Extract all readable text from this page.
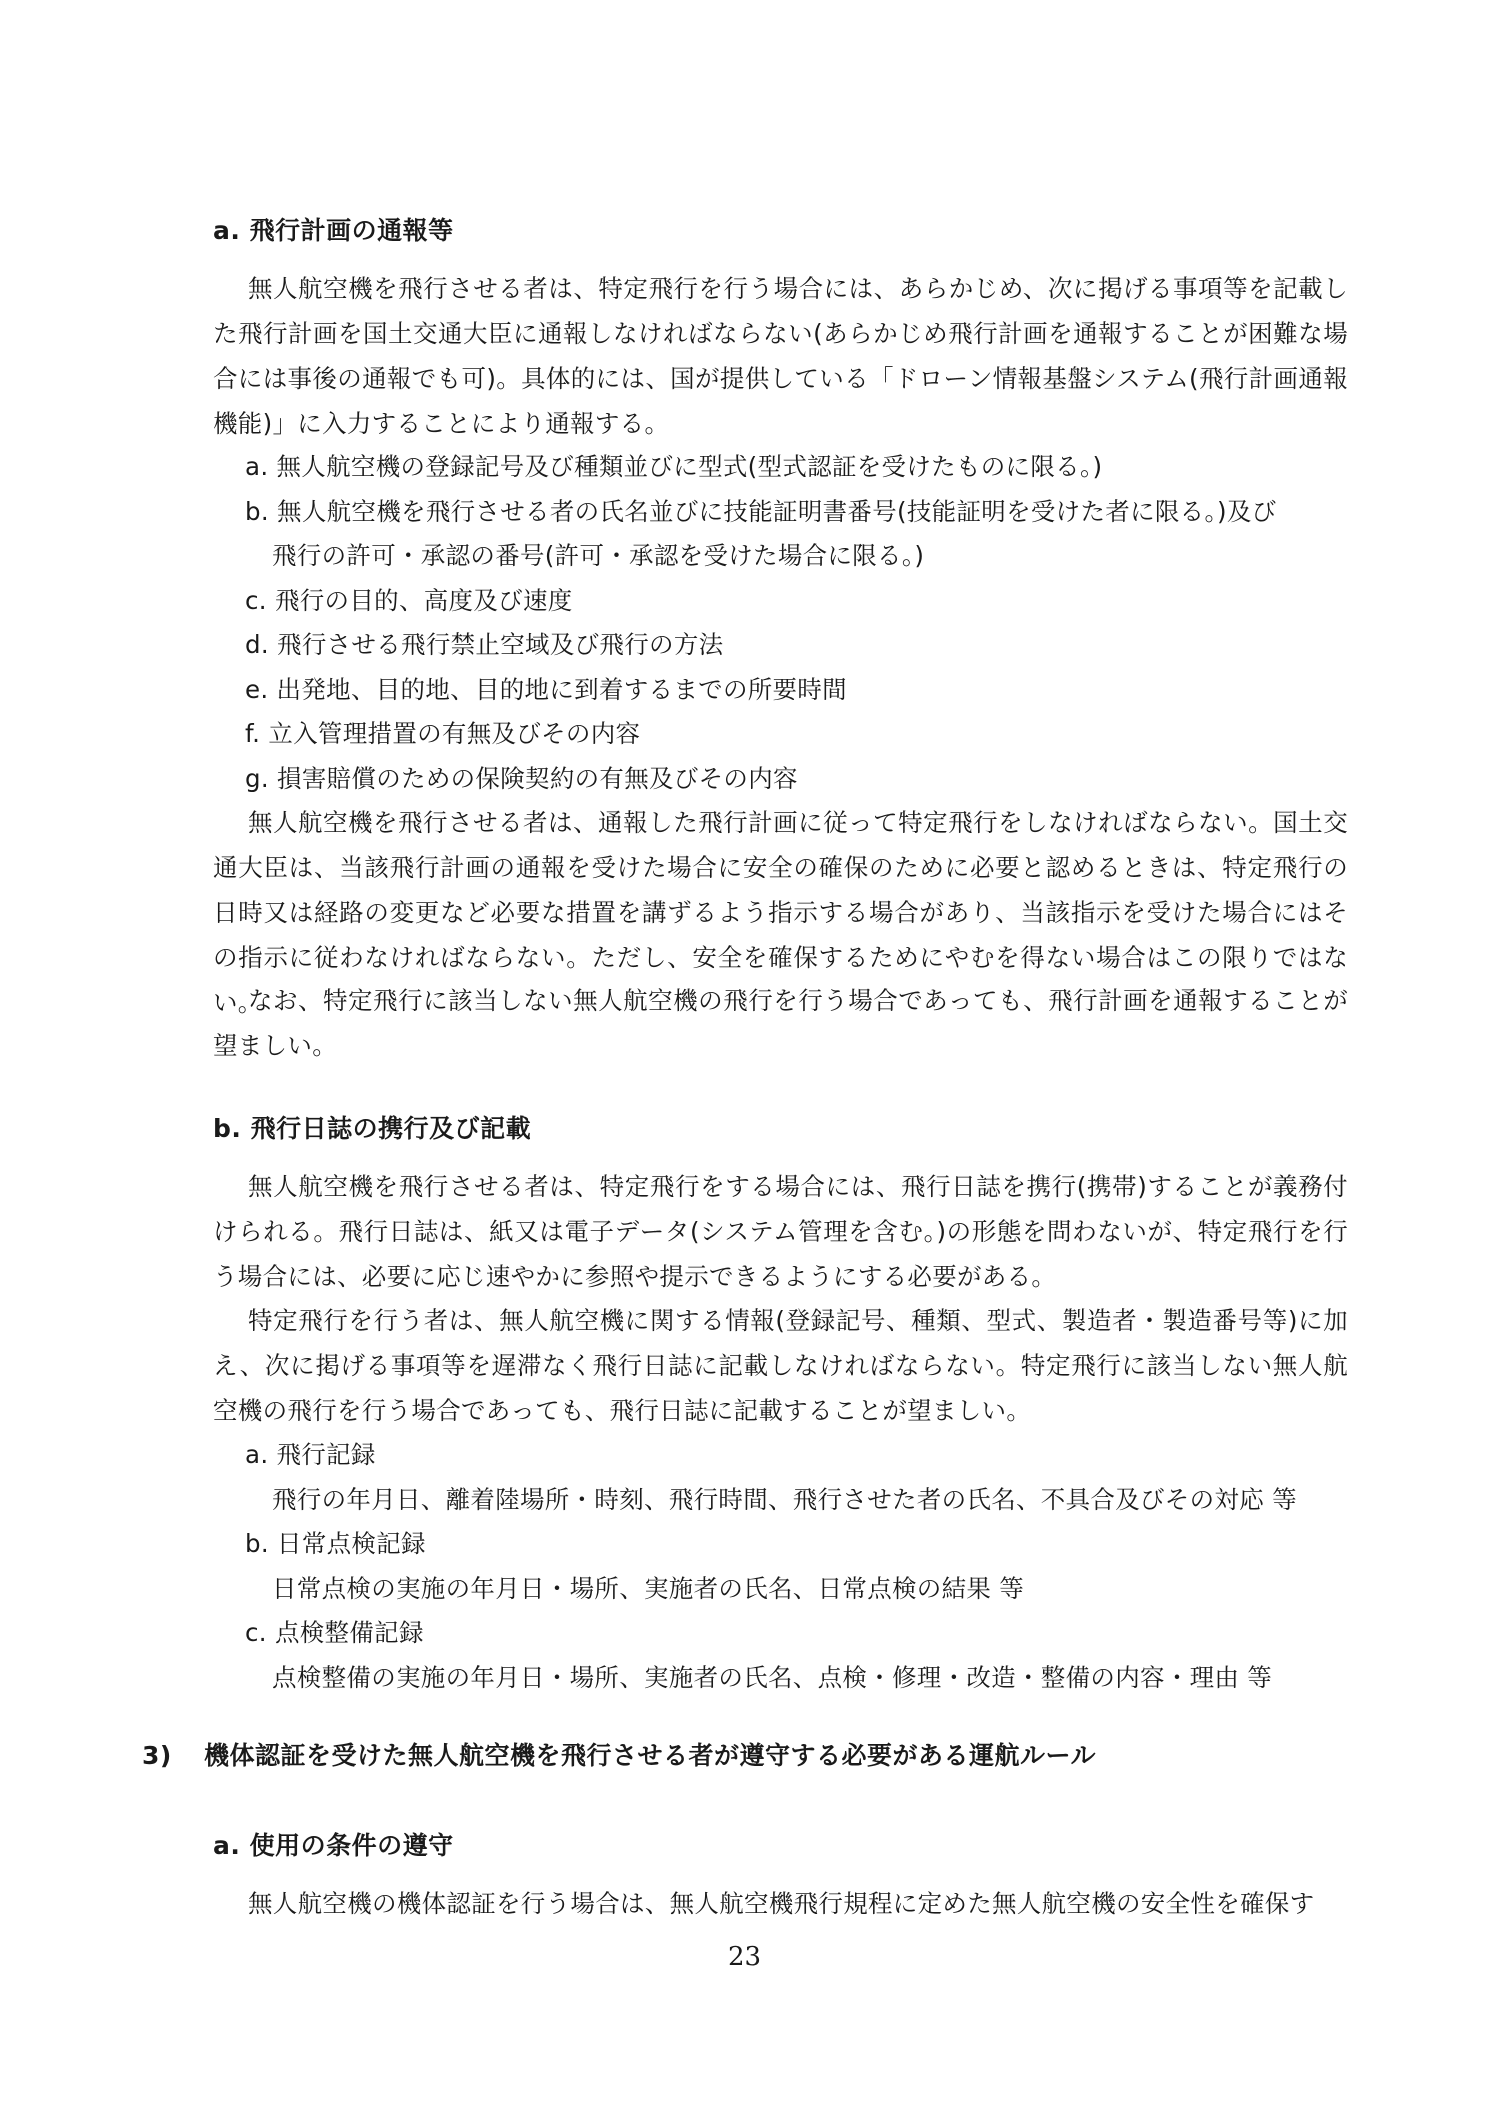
a. 飛行計画の通報等
無人航空機を飛行させる者は、特定飛行を行う場合には、あらかじめ、次に掲げる事項等を記載した飛行計画を国土交通大臣に通報しなければならない(あらかじめ飛行計画を通報することが困難な場合には事後の通報でも可)。具体的には、国が提供している「ドローン情報基盤システム(飛行計画通報機能)」に入力することにより通報する。
a. 無人航空機の登録記号及び種類並びに型式(型式認証を受けたものに限る。)
b. 無人航空機を飛行させる者の氏名並びに技能証明書番号(技能証明を受けた者に限る。)及び
飛行の許可・承認の番号(許可・承認を受けた場合に限る。)
c. 飛行の目的、高度及び速度
d. 飛行させる飛行禁止空域及び飛行の方法
e. 出発地、目的地、目的地に到着するまでの所要時間
f. 立入管理措置の有無及びその内容
g. 損害賠償のための保険契約の有無及びその内容
無人航空機を飛行させる者は、通報した飛行計画に従って特定飛行をしなければならない。国土交通大臣は、当該飛行計画の通報を受けた場合に安全の確保のために必要と認めるときは、特定飛行の日時又は経路の変更など必要な措置を講ずるよう指示する場合があり、当該指示を受けた場合にはその指示に従わなければならない。ただし、安全を確保するためにやむを得ない場合はこの限りではない。
なお、特定飛行に該当しない無人航空機の飛行を行う場合であっても、飛行計画を通報することが望ましい。
b. 飛行日誌の携行及び記載
無人航空機を飛行させる者は、特定飛行をする場合には、飛行日誌を携行(携帯)することが義務付けられる。飛行日誌は、紙又は電子データ(システム管理を含む。)の形態を問わないが、特定飛行を行う場合には、必要に応じ速やかに参照や提示できるようにする必要がある。
特定飛行を行う者は、無人航空機に関する情報(登録記号、種類、型式、製造者・製造番号等)に加え、次に掲げる事項等を遅滞なく飛行日誌に記載しなければならない。特定飛行に該当しない無人航空機の飛行を行う場合であっても、飛行日誌に記載することが望ましい。
a. 飛行記録
飛行の年月日、離着陸場所・時刻、飛行時間、飛行させた者の氏名、不具合及びその対応 等
b. 日常点検記録
日常点検の実施の年月日・場所、実施者の氏名、日常点検の結果 等
c. 点検整備記録
点検整備の実施の年月日・場所、実施者の氏名、点検・修理・改造・整備の内容・理由 等
3) 機体認証を受けた無人航空機を飛行させる者が遵守する必要がある運航ルール
a. 使用の条件の遵守
無人航空機の機体認証を行う場合は、無人航空機飛行規程に定めた無人航空機の安全性を確保す
23
